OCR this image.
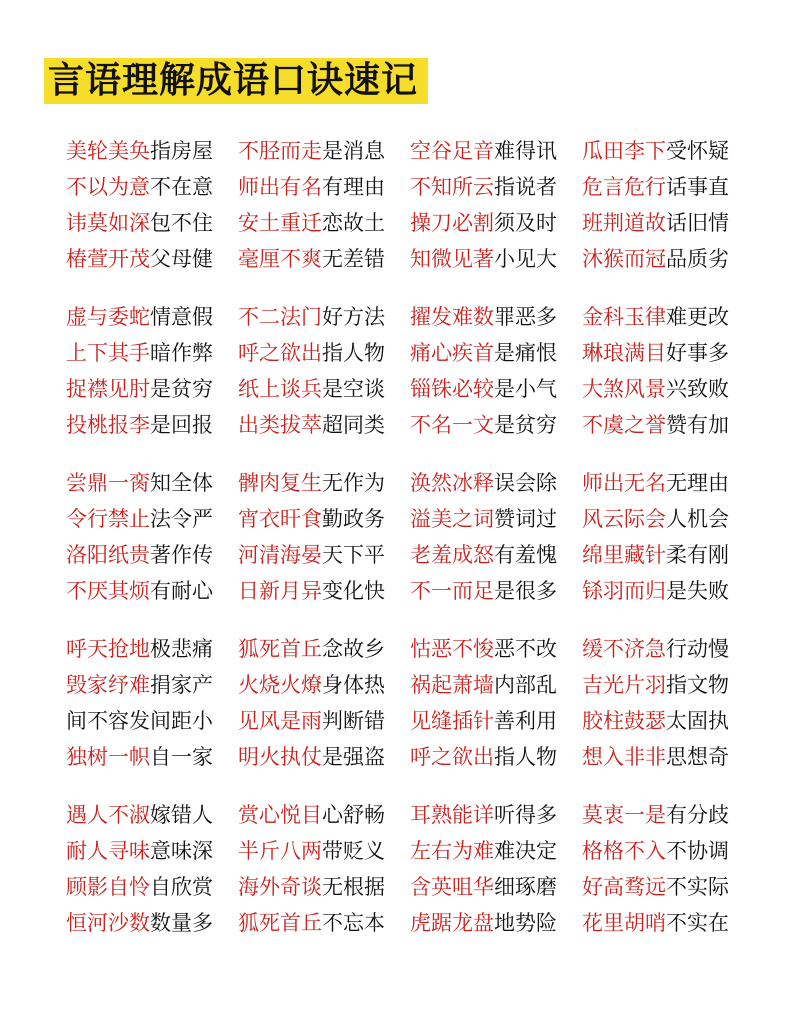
言语理解成语口诀速记
美轮美奂指房屋	不胫而走是消息	空谷足音难得讯	瓜田李下受怀疑
不以为意不在意	师出有名有理由	不知所云指说者	危言危行话事直
讳莫如深包不住	安土重迁恋故土	操刀必割须及时	班荆道故话旧情
椿萱开茂父母健	毫厘不爽无差错	知微见著小见大	沐猴而冠品质劣
虚与委蛇情意假	不二法门好方法	擢发难数罪恶多	金科玉律难更改
上下其手暗作弊	呼之欲出指人物	痛心疾首是痛恨	琳琅满目好事多
捉襟见肘是贫穷	纸上谈兵是空谈	锱铢必较是小气	大煞风景兴致败
投桃报李是回报	出类拔萃超同类	不名一文是贫穷	不虞之誉赞有加
尝鼎一脔知全体	髀肉复生无作为	涣然冰释误会除	师出无名无理由
令行禁止法令严	宵衣旰食勤政务	溢美之词赞词过	风云际会人机会
洛阳纸贵著作传	河清海晏天下平	老羞成怒有羞愧	绵里藏针柔有刚
不厌其烦有耐心	日新月异变化快	不一而足是很多	铩羽而归是失败
呼天抢地极悲痛	狐死首丘念故乡	怙恶不悛恶不改	缓不济急行动慢
毁家纾难捐家产	火烧火燎身体热	祸起萧墙内部乱	吉光片羽指文物
间不容发间距小	见风是雨判断错	见缝插针善利用	胶柱鼓瑟太固执
独树一帜自一家	明火执仗是强盗	呼之欲出指人物	想入非非思想奇
遇人不淑嫁错人	赏心悦目心舒畅	耳熟能详听得多	莫衷一是有分歧
耐人寻味意味深	半斤八两带贬义	左右为难难决定	格格不入不协调
顾影自怜自欣赏	海外奇谈无根据	含英咀华细琢磨	好高骛远不实际
恒河沙数数量多	狐死首丘不忘本	虎踞龙盘地势险	花里胡哨不实在
